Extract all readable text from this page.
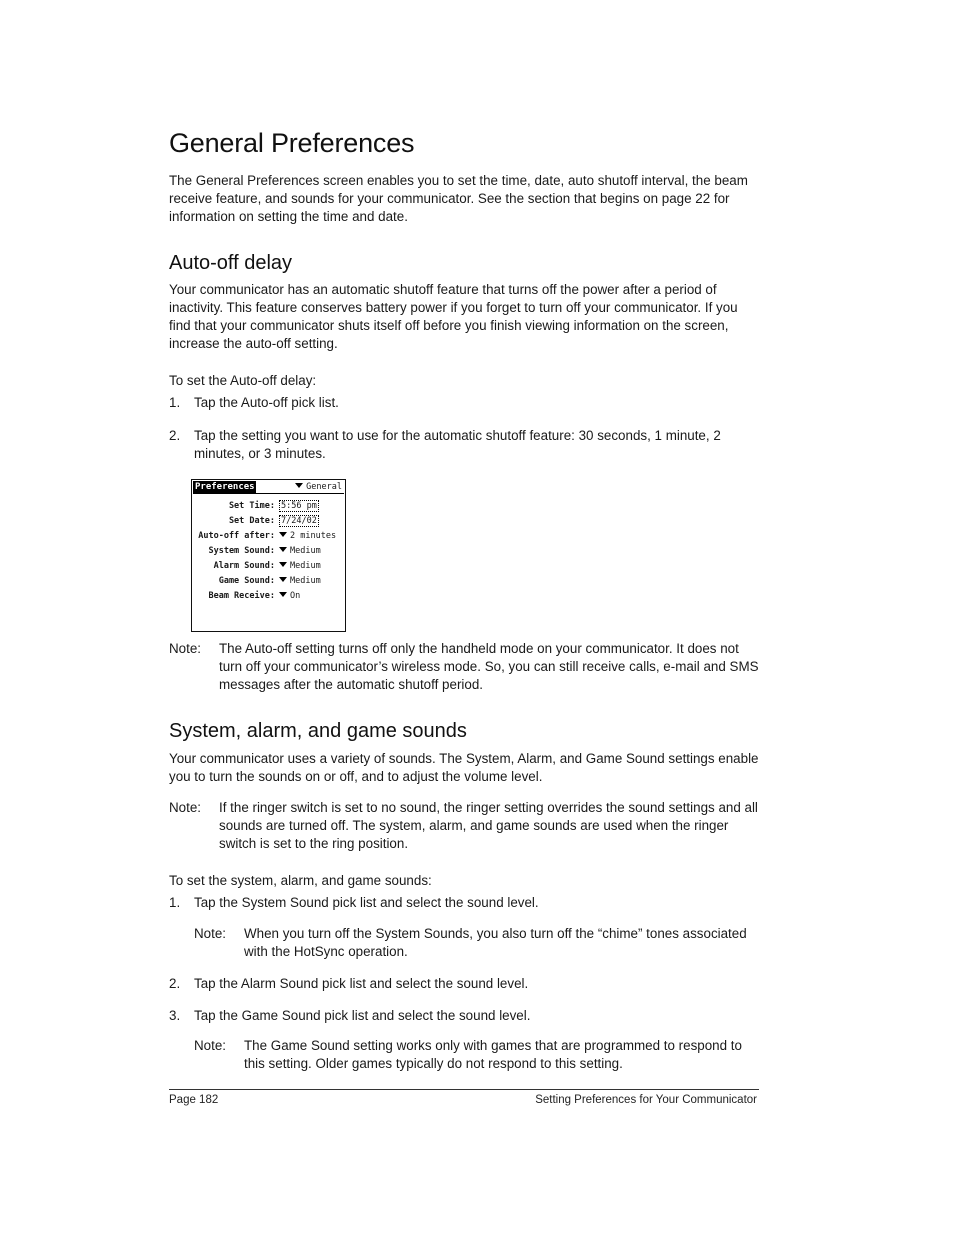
General Preferences

The General Preferences screen enables you to set the time, date, auto shutoff interval, the beam receive feature, and sounds for your communicator. See the section that begins on page 22 for information on setting the time and date.

Auto-off delay

Your communicator has an automatic shutoff feature that turns off the power after a period of inactivity. This feature conserves battery power if you forget to turn off your communicator. If you find that your communicator shuts itself off before you finish viewing information on the screen, increase the auto-off setting.

To set the Auto-off delay:
1. Tap the Auto-off pick list.
2. Tap the setting you want to use for the automatic shutoff feature: 30 seconds, 1 minute, 2 minutes, or 3 minutes.
Preferences	General
Set Time: 5:56 pm
Set Date: 7/24/02
Auto-off after:	2 minutes
System Sound:	Medium
Alarm Sound:	Medium
Game Sound:	Medium
Beam Receive:	On
Note: The Auto-off setting turns off only the handheld mode on your communicator. It does not turn off your communicator’s wireless mode. So, you can still receive calls, e-mail and SMS messages after the automatic shutoff period.
System, alarm, and game sounds

Your communicator uses a variety of sounds. The System, Alarm, and Game Sound settings enable you to turn the sounds on or off, and to adjust the volume level.

Note: If the ringer switch is set to no sound, the ringer setting overrides the sound settings and all sounds are turned off. The system, alarm, and game sounds are used when the ringer switch is set to the ring position.
To set the system, alarm, and game sounds:
1. Tap the System Sound pick list and select the sound level.
Note: When you turn off the System Sounds, you also turn off the “chime” tones associated with the HotSync operation.
2. Tap the Alarm Sound pick list and select the sound level.
3. Tap the Game Sound pick list and select the sound level.
Note: The Game Sound setting works only with games that are programmed to respond to this setting. Older games typically do not respond to this setting.
Page 182	Setting Preferences for Your Communicator
